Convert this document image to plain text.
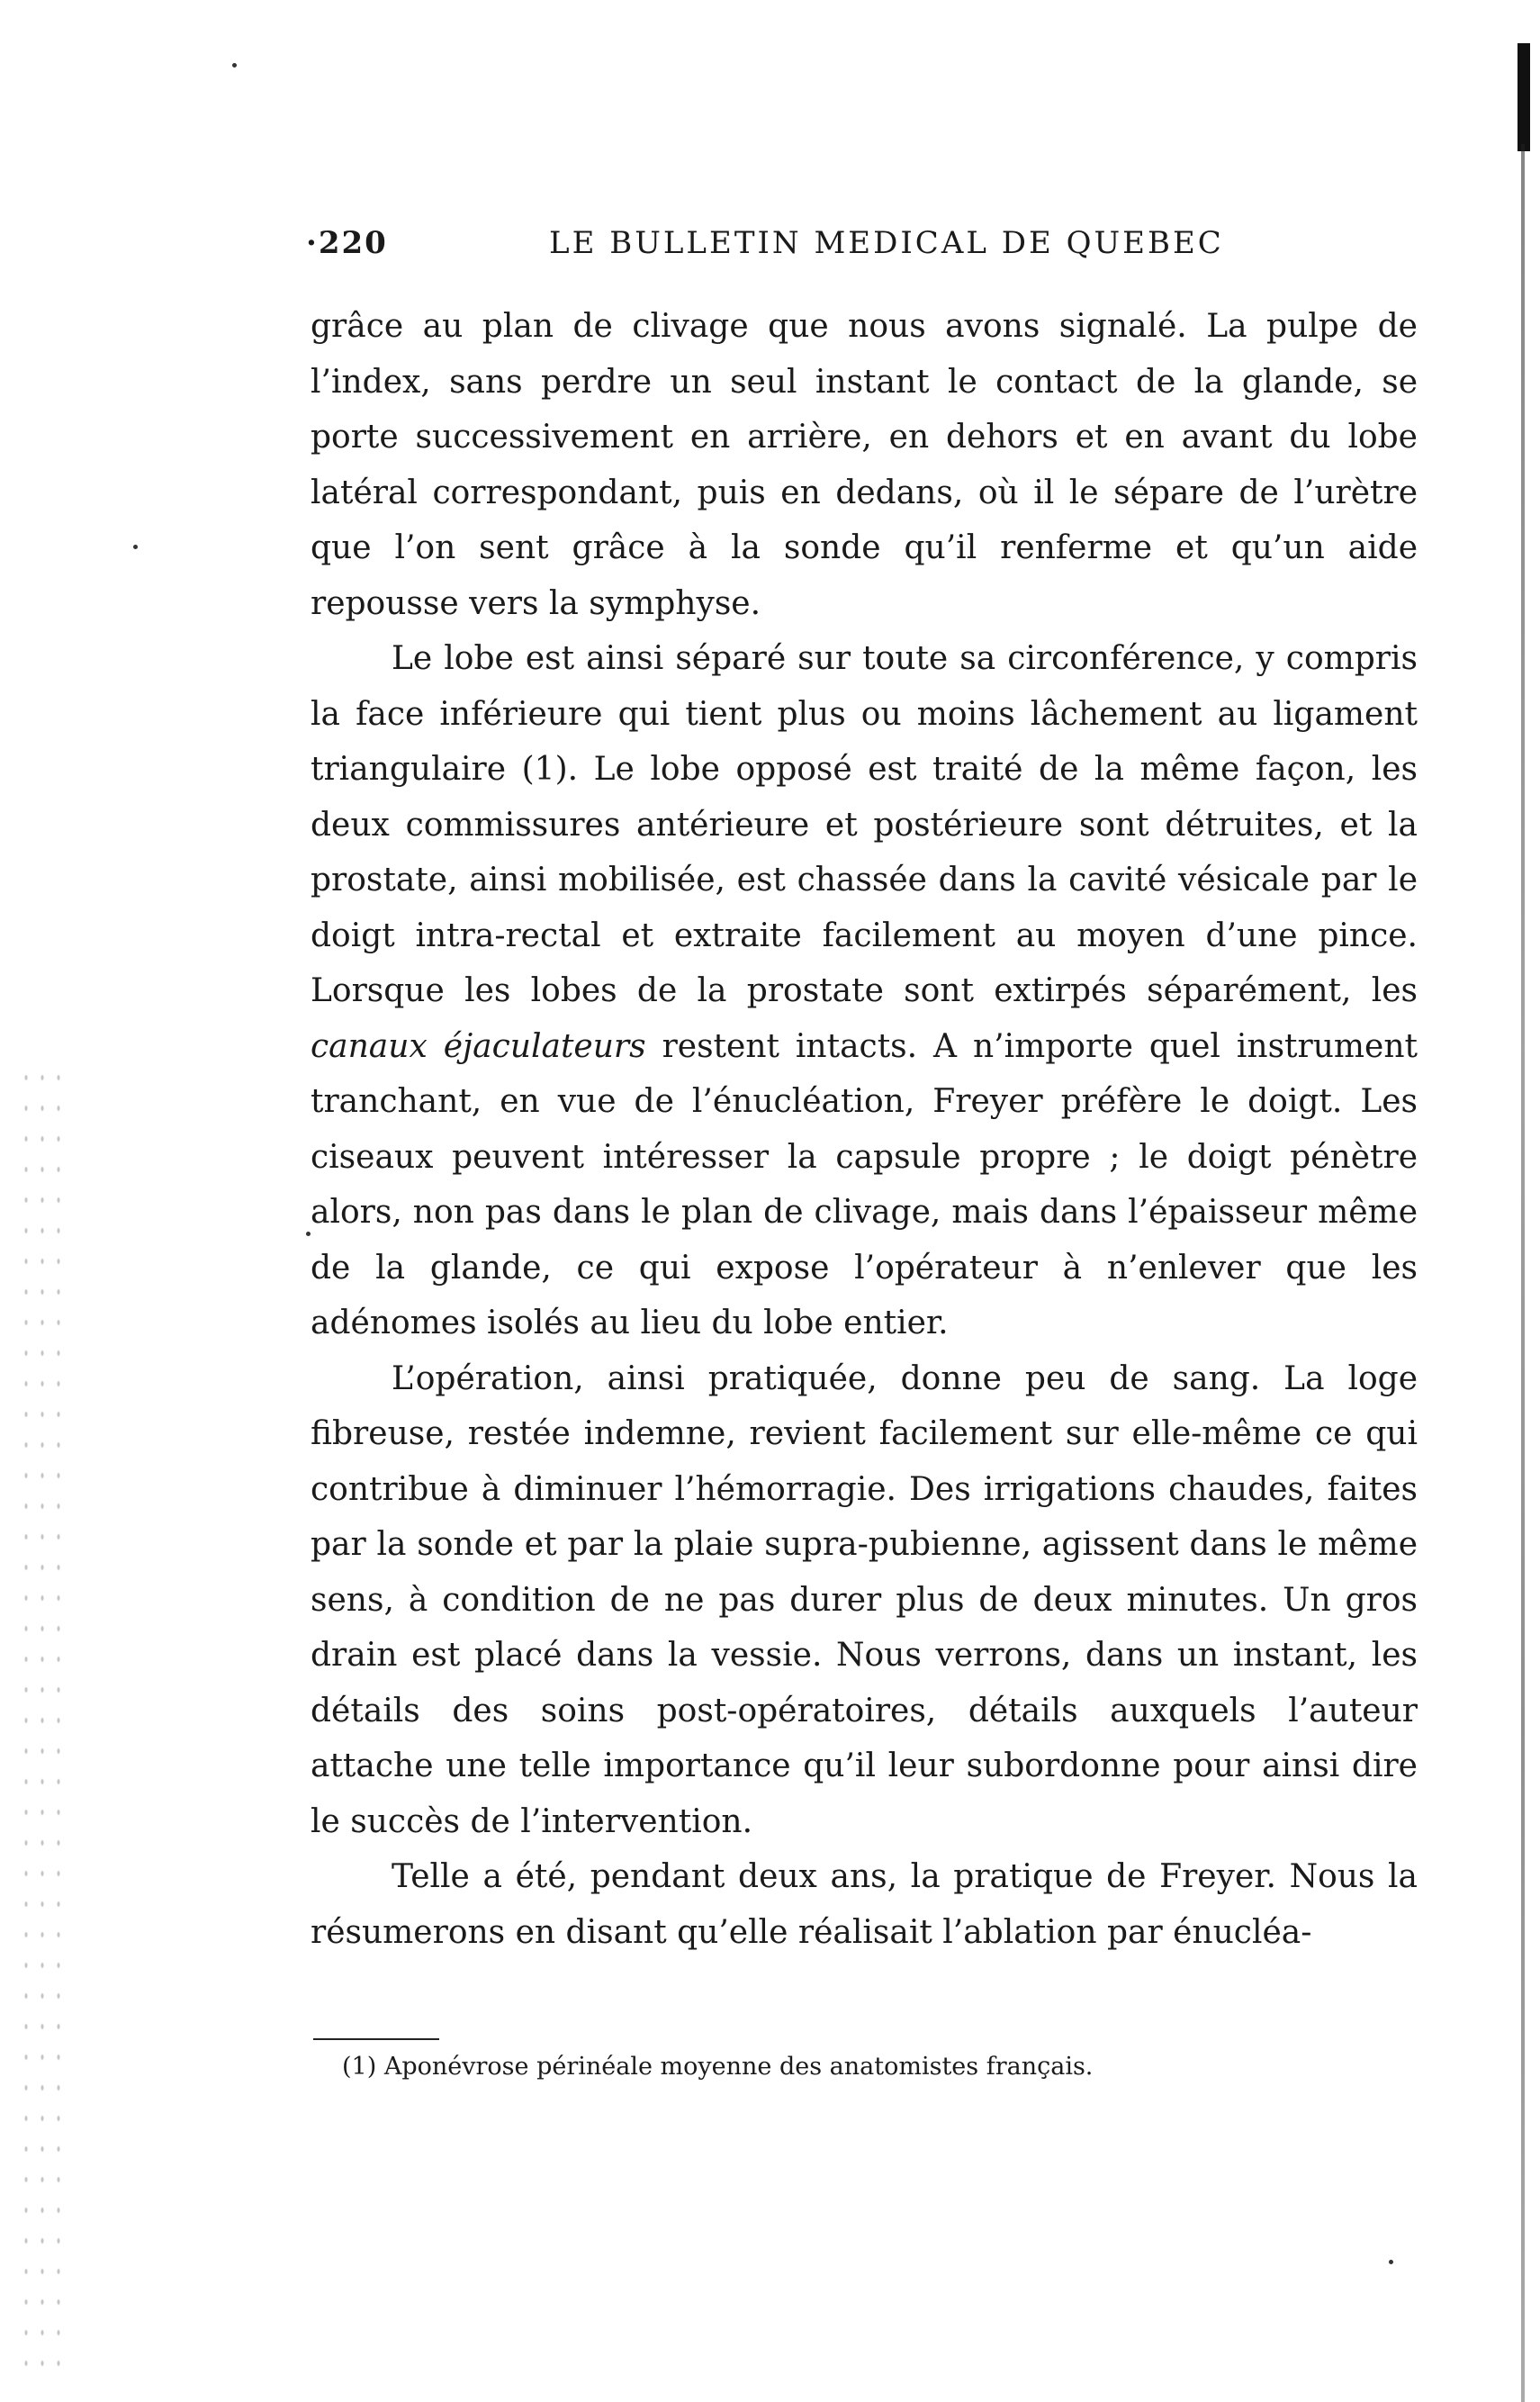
·220	LE BULLETIN MEDICAL DE QUEBEC

grâce au plan de clivage que nous avons signalé. La pulpe de l’index, sans perdre un seul instant le contact de la glande, se porte successivement en arrière, en dehors et en avant du lobe latéral correspondant, puis en dedans, où il le sépare de l’urètre que l’on sent grâce à la sonde qu’il renferme et qu’un aide repousse vers la symphyse.

Le lobe est ainsi séparé sur toute sa circonférence, y compris la face inférieure qui tient plus ou moins lâchement au ligament triangulaire (1). Le lobe opposé est traité de la même façon, les deux commissures antérieure et postérieure sont détruites, et la prostate, ainsi mobilisée, est chassée dans la cavité vésicale par le doigt intra-rectal et extraite facilement au moyen d’une pince. Lorsque les lobes de la prostate sont extirpés séparément, les canaux éjaculateurs restent intacts. A n’importe quel instrument tranchant, en vue de l’énucléation, Freyer préfère le doigt. Les ciseaux peuvent intéresser la capsule propre ; le doigt pénètre alors, non pas dans le plan de clivage, mais dans l’épaisseur même de la glande, ce qui expose l’opérateur à n’enlever que les adénomes isolés au lieu du lobe entier.

L’opération, ainsi pratiquée, donne peu de sang. La loge fibreuse, restée indemne, revient facilement sur elle-même ce qui contribue à diminuer l’hémorragie. Des irrigations chaudes, faites par la sonde et par la plaie supra-pubienne, agissent dans le même sens, à condition de ne pas durer plus de deux minutes. Un gros drain est placé dans la vessie. Nous verrons, dans un instant, les détails des soins post-opératoires, détails auxquels l’auteur attache une telle importance qu’il leur subordonne pour ainsi dire le succès de l’intervention.

Telle a été, pendant deux ans, la pratique de Freyer. Nous la résumerons en disant qu’elle réalisait l’ablation par énucléa-

(1) Aponévrose périnéale moyenne des anatomistes français.
